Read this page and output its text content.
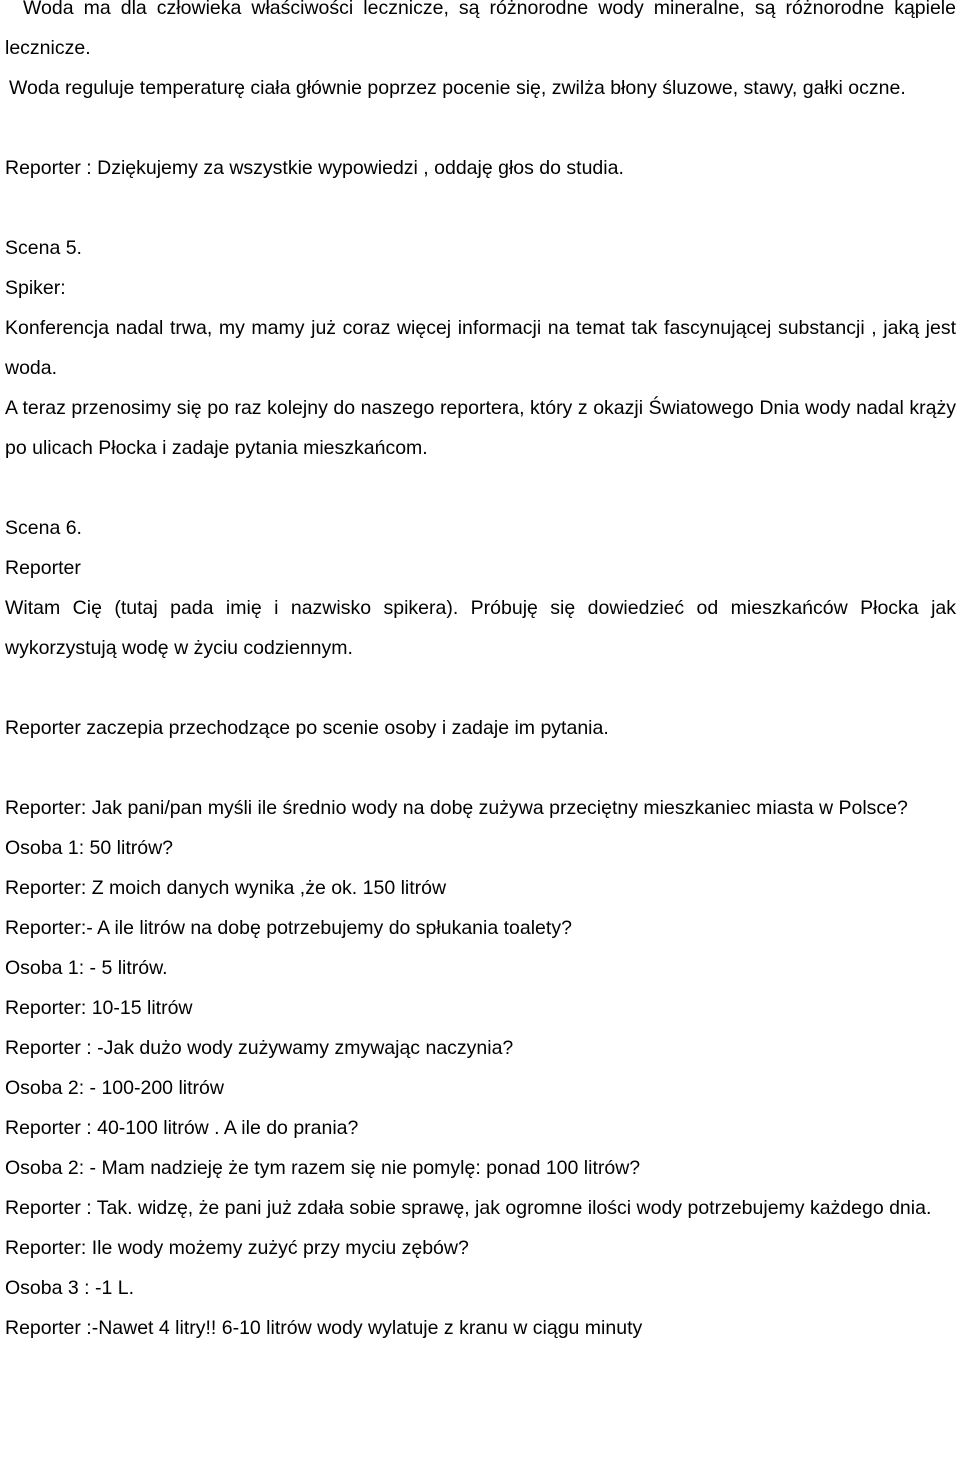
Woda ma dla człowieka właściwości lecznicze, są różnorodne wody mineralne, są różnorodne kąpiele lecznicze.

Woda reguluje temperaturę ciała głównie poprzez pocenie się, zwilża błony śluzowe, stawy, gałki oczne.

Reporter : Dziękujemy za wszystkie wypowiedzi , oddaję głos do studia.

Scena 5.

Spiker:

Konferencja nadal trwa, my mamy już coraz więcej informacji na temat tak fascynującej substancji , jaką jest woda.

A teraz przenosimy się po raz kolejny do naszego reportera, który z okazji Światowego Dnia wody nadal krąży po ulicach Płocka i zadaje pytania mieszkańcom.

Scena 6.

Reporter

Witam Cię (tutaj pada imię i nazwisko spikera). Próbuję się dowiedzieć od mieszkańców Płocka jak wykorzystują wodę w życiu codziennym.

Reporter zaczepia przechodzące po scenie osoby i zadaje im pytania.

Reporter: Jak pani/pan myśli ile średnio wody na dobę zużywa przeciętny mieszkaniec miasta w Polsce?

Osoba 1: 50 litrów?

Reporter: Z moich danych wynika ,że ok. 150 litrów

Reporter:- A ile litrów na dobę potrzebujemy do spłukania toalety?

Osoba 1: - 5 litrów.

Reporter: 10-15 litrów

Reporter : -Jak dużo wody zużywamy zmywając naczynia?

Osoba 2: - 100-200 litrów

Reporter : 40-100 litrów . A ile do prania?

Osoba 2: - Mam nadzieję że tym razem się nie pomylę: ponad 100 litrów?

Reporter : Tak. widzę, że pani już zdała sobie sprawę, jak ogromne ilości wody potrzebujemy każdego dnia.

Reporter: Ile wody możemy zużyć przy myciu zębów?

Osoba 3 : -1 L.

Reporter :-Nawet 4 litry!! 6-10 litrów wody wylatuje z kranu w ciągu minuty
